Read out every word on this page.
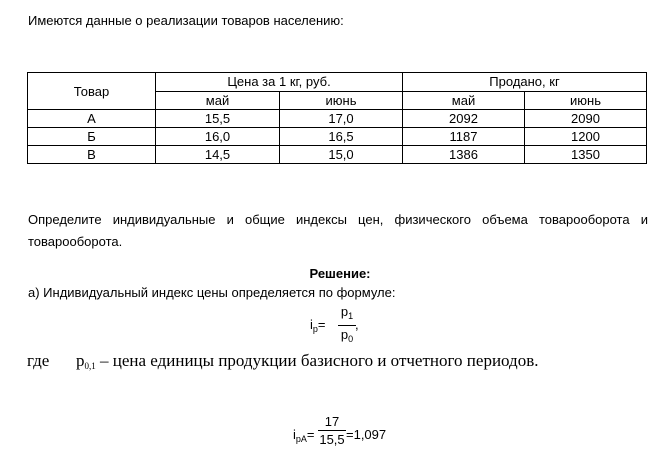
Имеются данные о реализации товаров населению:
Товар	Цена за 1 кг, руб.		Продано, кг	
	май	июнь	май	июнь
А	15,5	17,0	2092	2090
Б	16,0	16,5	1187	1200
В	14,5	15,0	1386	1350
Определите индивидуальные и общие индексы цен, физического объема товарооборота и товарооборота.
Решение:
а) Индивидуальный индекс цены определяется по формуле:
$i_p=$
$p_1$
$p_0$
,
где $p_{0,1}$ – цена единицы продукции базисного и отчетного периодов.
$i_{pA}=$
17
15,5 =1,097
